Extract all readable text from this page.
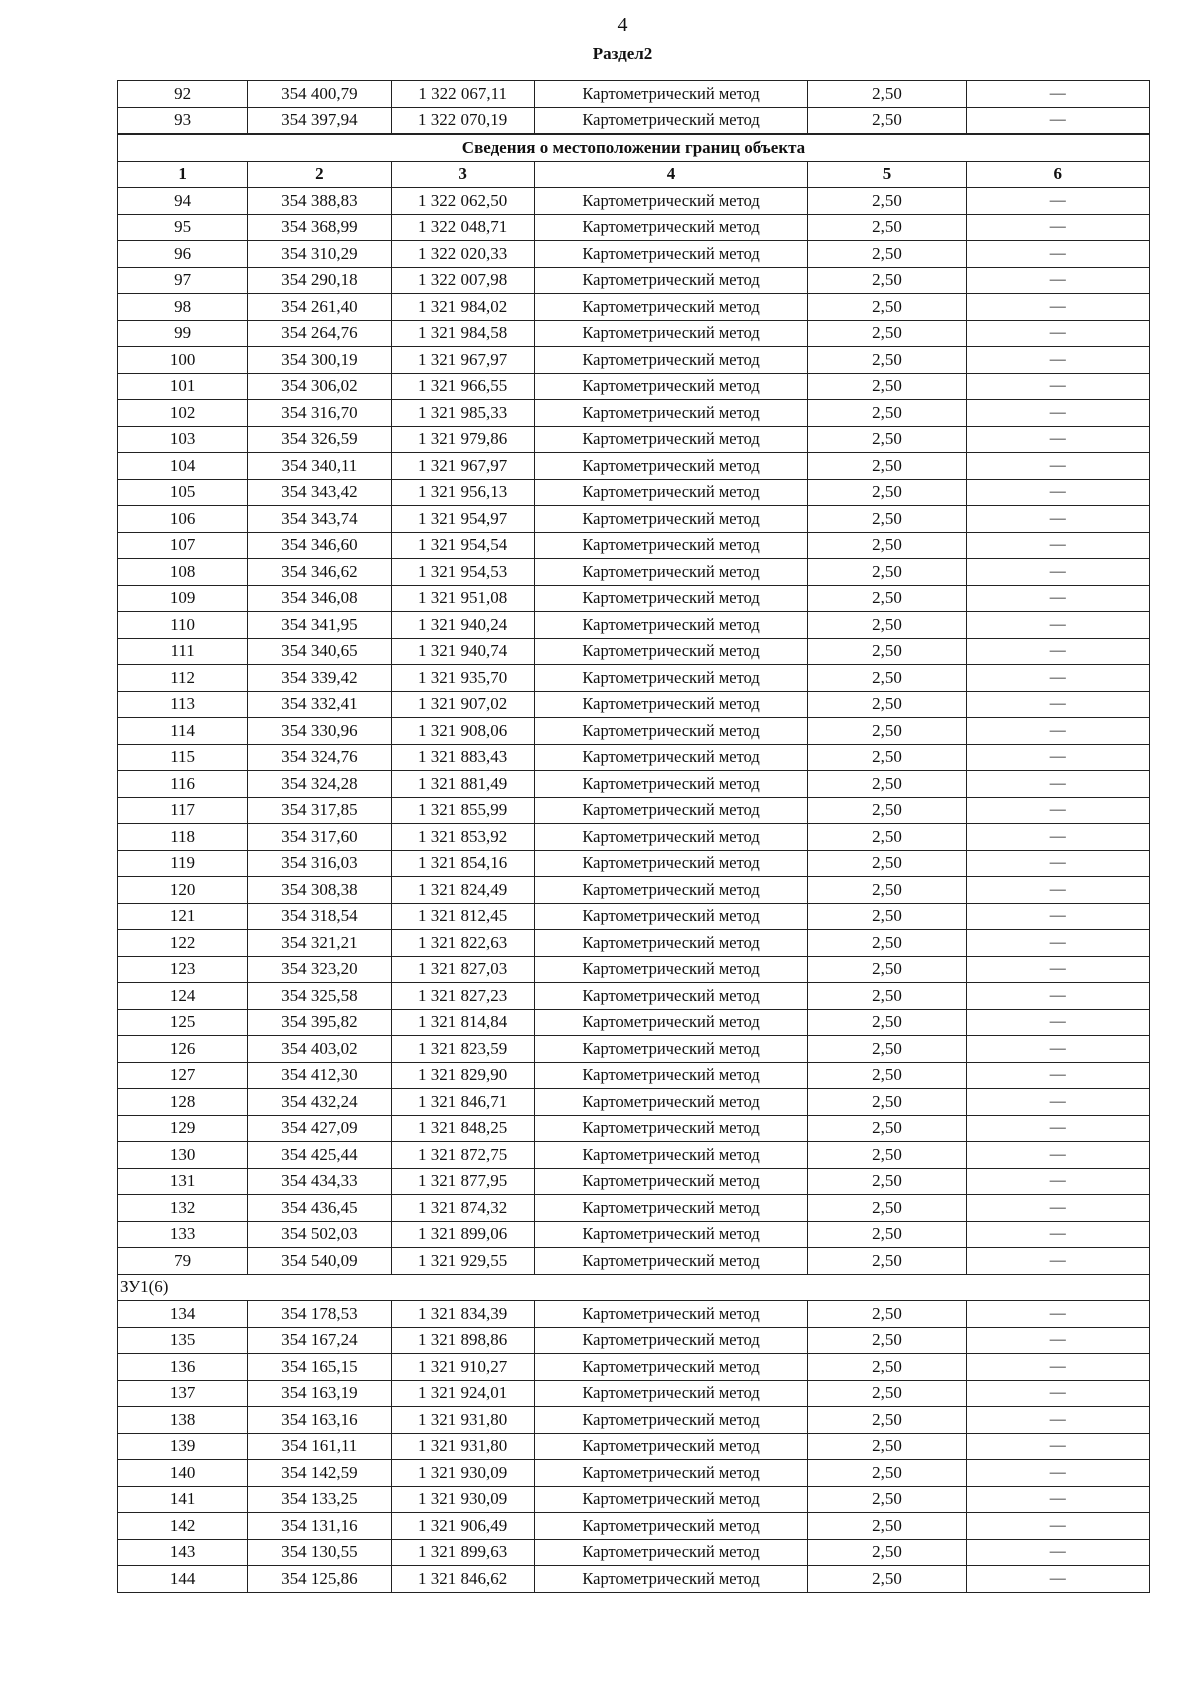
4
Раздел2
92	354 400,79	1 322 067,11	Картометрический метод	2,50	—
93	354 397,94	1 322 070,19	Картометрический метод	2,50	—
Сведения о местоположении границ объекта					
1	2	3	4	5	6
94	354 388,83	1 322 062,50	Картометрический метод	2,50	—
95	354 368,99	1 322 048,71	Картометрический метод	2,50	—
96	354 310,29	1 322 020,33	Картометрический метод	2,50	—
97	354 290,18	1 322 007,98	Картометрический метод	2,50	—
98	354 261,40	1 321 984,02	Картометрический метод	2,50	—
99	354 264,76	1 321 984,58	Картометрический метод	2,50	—
100	354 300,19	1 321 967,97	Картометрический метод	2,50	—
101	354 306,02	1 321 966,55	Картометрический метод	2,50	—
102	354 316,70	1 321 985,33	Картометрический метод	2,50	—
103	354 326,59	1 321 979,86	Картометрический метод	2,50	—
104	354 340,11	1 321 967,97	Картометрический метод	2,50	—
105	354 343,42	1 321 956,13	Картометрический метод	2,50	—
106	354 343,74	1 321 954,97	Картометрический метод	2,50	—
107	354 346,60	1 321 954,54	Картометрический метод	2,50	—
108	354 346,62	1 321 954,53	Картометрический метод	2,50	—
109	354 346,08	1 321 951,08	Картометрический метод	2,50	—
110	354 341,95	1 321 940,24	Картометрический метод	2,50	—
111	354 340,65	1 321 940,74	Картометрический метод	2,50	—
112	354 339,42	1 321 935,70	Картометрический метод	2,50	—
113	354 332,41	1 321 907,02	Картометрический метод	2,50	—
114	354 330,96	1 321 908,06	Картометрический метод	2,50	—
115	354 324,76	1 321 883,43	Картометрический метод	2,50	—
116	354 324,28	1 321 881,49	Картометрический метод	2,50	—
117	354 317,85	1 321 855,99	Картометрический метод	2,50	—
118	354 317,60	1 321 853,92	Картометрический метод	2,50	—
119	354 316,03	1 321 854,16	Картометрический метод	2,50	—
120	354 308,38	1 321 824,49	Картометрический метод	2,50	—
121	354 318,54	1 321 812,45	Картометрический метод	2,50	—
122	354 321,21	1 321 822,63	Картометрический метод	2,50	—
123	354 323,20	1 321 827,03	Картометрический метод	2,50	—
124	354 325,58	1 321 827,23	Картометрический метод	2,50	—
125	354 395,82	1 321 814,84	Картометрический метод	2,50	—
126	354 403,02	1 321 823,59	Картометрический метод	2,50	—
127	354 412,30	1 321 829,90	Картометрический метод	2,50	—
128	354 432,24	1 321 846,71	Картометрический метод	2,50	—
129	354 427,09	1 321 848,25	Картометрический метод	2,50	—
130	354 425,44	1 321 872,75	Картометрический метод	2,50	—
131	354 434,33	1 321 877,95	Картометрический метод	2,50	—
132	354 436,45	1 321 874,32	Картометрический метод	2,50	—
133	354 502,03	1 321 899,06	Картометрический метод	2,50	—
79	354 540,09	1 321 929,55	Картометрический метод	2,50	—
ЗУ1(6)					
134	354 178,53	1 321 834,39	Картометрический метод	2,50	—
135	354 167,24	1 321 898,86	Картометрический метод	2,50	—
136	354 165,15	1 321 910,27	Картометрический метод	2,50	—
137	354 163,19	1 321 924,01	Картометрический метод	2,50	—
138	354 163,16	1 321 931,80	Картометрический метод	2,50	—
139	354 161,11	1 321 931,80	Картометрический метод	2,50	—
140	354 142,59	1 321 930,09	Картометрический метод	2,50	—
141	354 133,25	1 321 930,09	Картометрический метод	2,50	—
142	354 131,16	1 321 906,49	Картометрический метод	2,50	—
143	354 130,55	1 321 899,63	Картометрический метод	2,50	—
144	354 125,86	1 321 846,62	Картометрический метод	2,50	—
